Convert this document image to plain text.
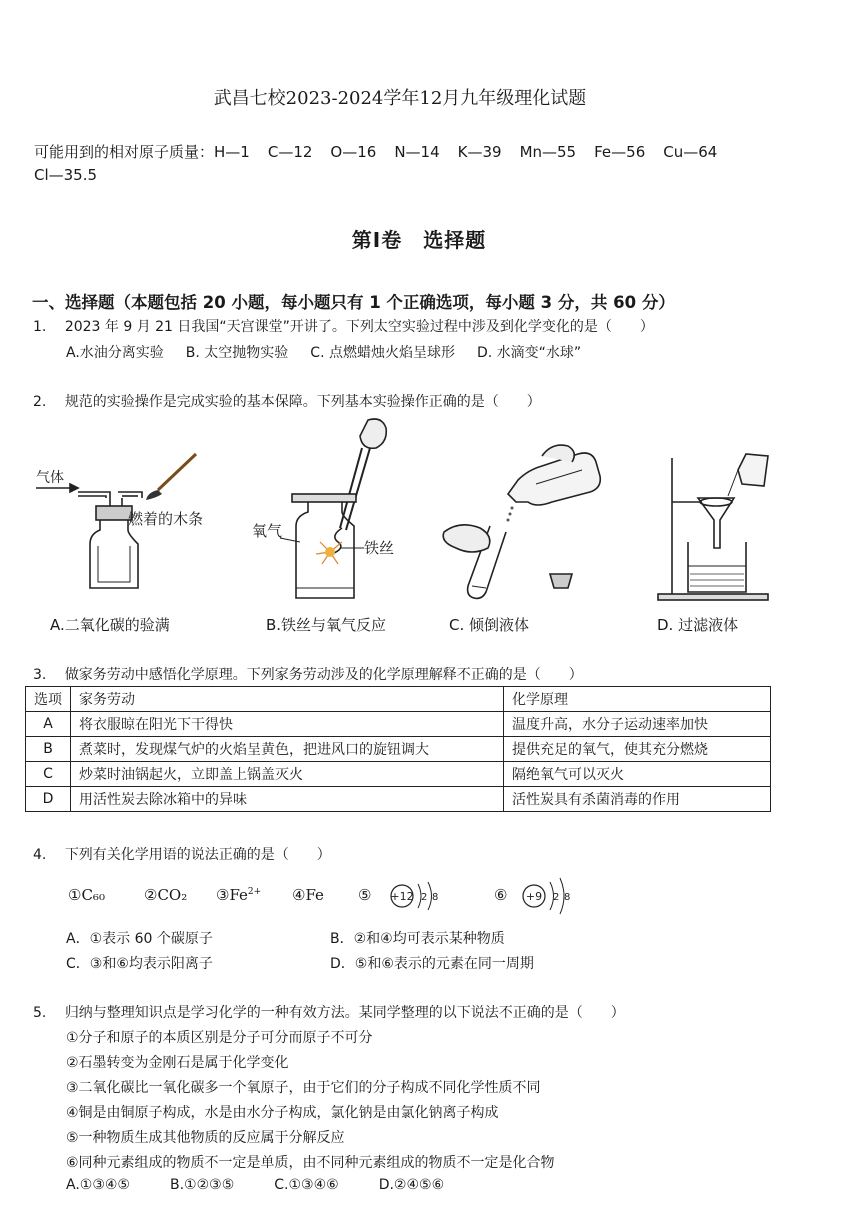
武昌七校2023-2024学年12月九年级理化试题
可能用到的相对原子质量：H—1 C—12 O—16 N—14 K—39 Mn—55 Fe—56 Cu—64
Cl—35.5
第Ⅰ卷　选择题
一、选择题（本题包括 20 小题，每小题只有 1 个正确选项，每小题 3 分，共 60 分）
1. 2023 年 9 月 21 日我国“天宫课堂”开讲了。下列太空实验过程中涉及到化学变化的是（　　）
A.水油分离实验 B. 太空抛物实验 C. 点燃蜡烛火焰呈球形 D. 水滴变“水球”
2. 规范的实验操作是完成实验的基本保障。下列基本实验操作正确的是（　　）
气体
燃着的木条
A.二氧化碳的验满
氧气
铁丝
B.铁丝与氧气反应	C. 倾倒液体	D. 过滤液体
3. 做家务劳动中感悟化学原理。下列家务劳动涉及的化学原理解释不正确的是（　　）
选项	家务劳动	化学原理
A	将衣服晾在阳光下干得快	温度升高，水分子运动速率加快
B	煮菜时，发现煤气炉的火焰呈黄色，把进风口的旋钮调大	提供充足的氧气，使其充分燃烧
C	炒菜时油锅起火，立即盖上锅盖灭火	隔绝氧气可以灭火
D	用活性炭去除冰箱中的异味	活性炭具有杀菌消毒的作用
4. 下列有关化学用语的说法正确的是（　　）
①C₆₀	②CO₂ $③Fe^{2+}$ ④Fe ⑤	⑥
+12 2 8	+9 2 8
A．①表示 60 个碳原子	B．②和④均可表示某种物质
C．③和⑥均表示阳离子	D．⑤和⑥表示的元素在同一周期
5. 归纳与整理知识点是学习化学的一种有效方法。某同学整理的以下说法不正确的是（　　）
①分子和原子的本质区别是分子可分而原子不可分
②石墨转变为金刚石是属于化学变化
③二氧化碳比一氧化碳多一个氧原子，由于它们的分子构成不同化学性质不同
④铜是由铜原子构成，水是由水分子构成，氯化钠是由氯化钠离子构成
⑤一种物质生成其他物质的反应属于分解反应
⑥同种元素组成的物质不一定是单质，由不同种元素组成的物质不一定是化合物
A.①③④⑤	B.①②③⑤	C.①③④⑥	D.②④⑤⑥
